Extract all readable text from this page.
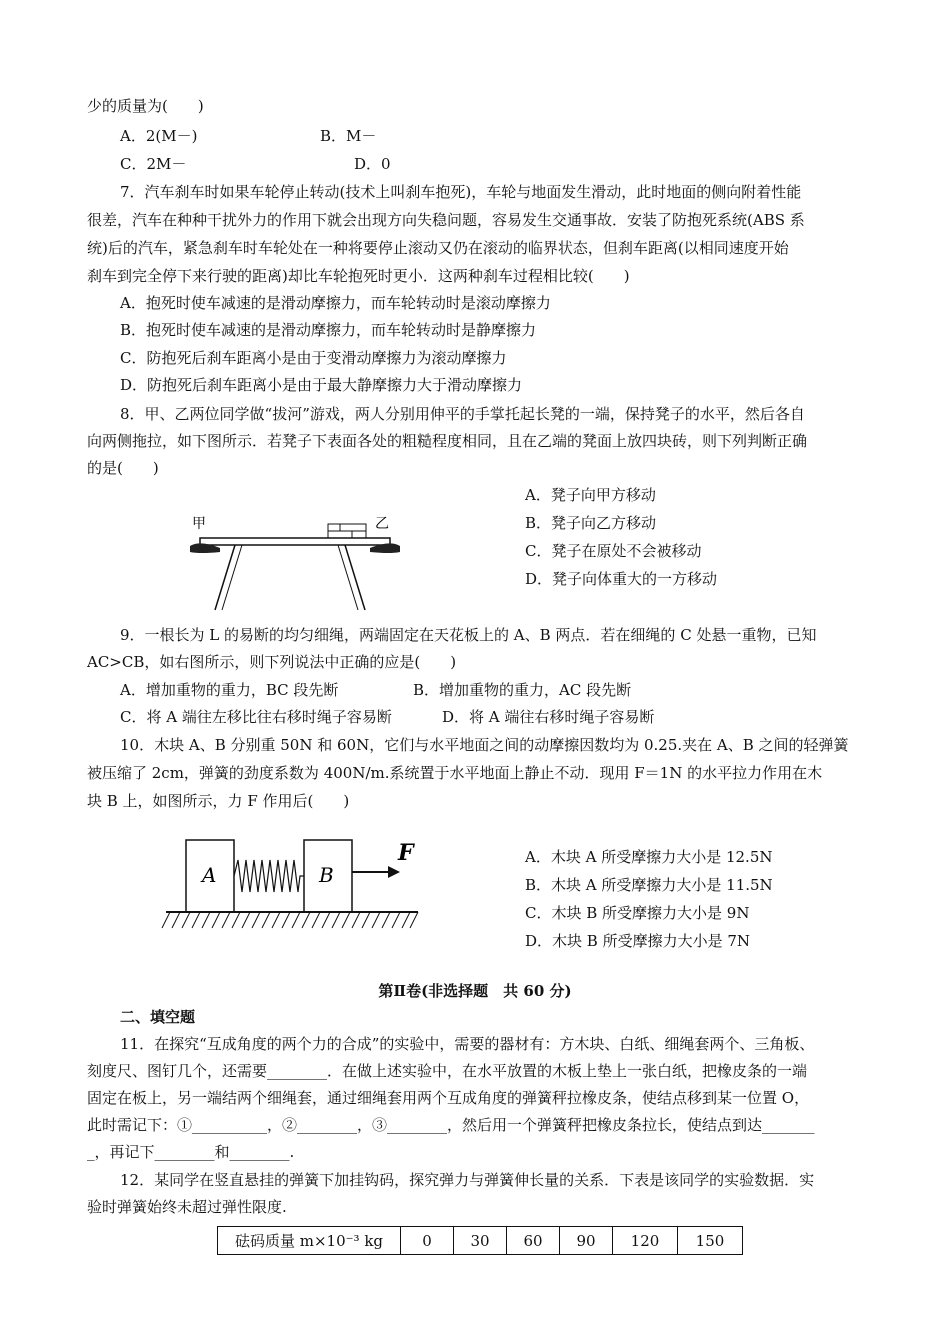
少的质量为(　　)
A．2(M－)	B．M－
C．2M－	D．0
7．汽车刹车时如果车轮停止转动(技术上叫刹车抱死)，车轮与地面发生滑动，此时地面的侧向附着性能
很差，汽车在种种干扰外力的作用下就会出现方向失稳问题，容易发生交通事故．安装了防抱死系统(ABS 系
统)后的汽车，紧急刹车时车轮处在一种将要停止滚动又仍在滚动的临界状态，但刹车距离(以相同速度开始
刹车到完全停下来行驶的距离)却比车轮抱死时更小．这两种刹车过程相比较(　　)
A．抱死时使车减速的是滑动摩擦力，而车轮转动时是滚动摩擦力
B．抱死时使车减速的是滑动摩擦力，而车轮转动时是静摩擦力
C．防抱死后刹车距离小是由于变滑动摩擦力为滚动摩擦力
D．防抱死后刹车距离小是由于最大静摩擦力大于滑动摩擦力
8．甲、乙两位同学做“拔河”游戏，两人分别用伸平的手掌托起长凳的一端，保持凳子的水平，然后各自
向两侧拖拉，如下图所示．若凳子下表面各处的粗糙程度相同，且在乙端的凳面上放四块砖，则下列判断正确
的是(　　)
甲	乙
A．凳子向甲方移动
B．凳子向乙方移动
C．凳子在原处不会被移动
D．凳子向体重大的一方移动
9．一根长为 L 的易断的均匀细绳，两端固定在天花板上的 A、B 两点．若在细绳的 C 处悬一重物，已知
AC>CB，如右图所示，则下列说法中正确的应是(　　)
A．增加重物的重力，BC 段先断	B．增加重物的重力，AC 段先断
C．将 A 端往左移比往右移时绳子容易断	D．将 A 端往右移时绳子容易断
10．木块 A、B 分别重 50N 和 60N，它们与水平地面之间的动摩擦因数均为 0.25.夹在 A、B 之间的轻弹簧
被压缩了 2cm，弹簧的劲度系数为 400N/m.系统置于水平地面上静止不动．现用 F＝1N 的水平拉力作用在木
块 B 上，如图所示，力 F 作用后(　　)
A	B
F	A．木块 A 所受摩擦力大小是 12.5N
B．木块 A 所受摩擦力大小是 11.5N
C．木块 B 所受摩擦力大小是 9N
D．木块 B 所受摩擦力大小是 7N
第Ⅱ卷(非选择题　共 60 分)
二、填空题
11．在探究“互成角度的两个力的合成”的实验中，需要的器材有：方木块、白纸、细绳套两个、三角板、
刻度尺、图钉几个，还需要________．在做上述实验中，在水平放置的木板上垫上一张白纸，把橡皮条的一端
固定在板上，另一端结两个细绳套，通过细绳套用两个互成角度的弹簧秤拉橡皮条，使结点移到某一位置 O，
此时需记下：①__________，②________，③________，然后用一个弹簧秤把橡皮条拉长，使结点到达_______
_，再记下________和________.
12．某同学在竖直悬挂的弹簧下加挂钩码，探究弹力与弹簧伸长量的关系．下表是该同学的实验数据．实
验时弹簧始终未超过弹性限度.
砝码质量 m×10⁻³ kg	0	30	60	90	120	150
